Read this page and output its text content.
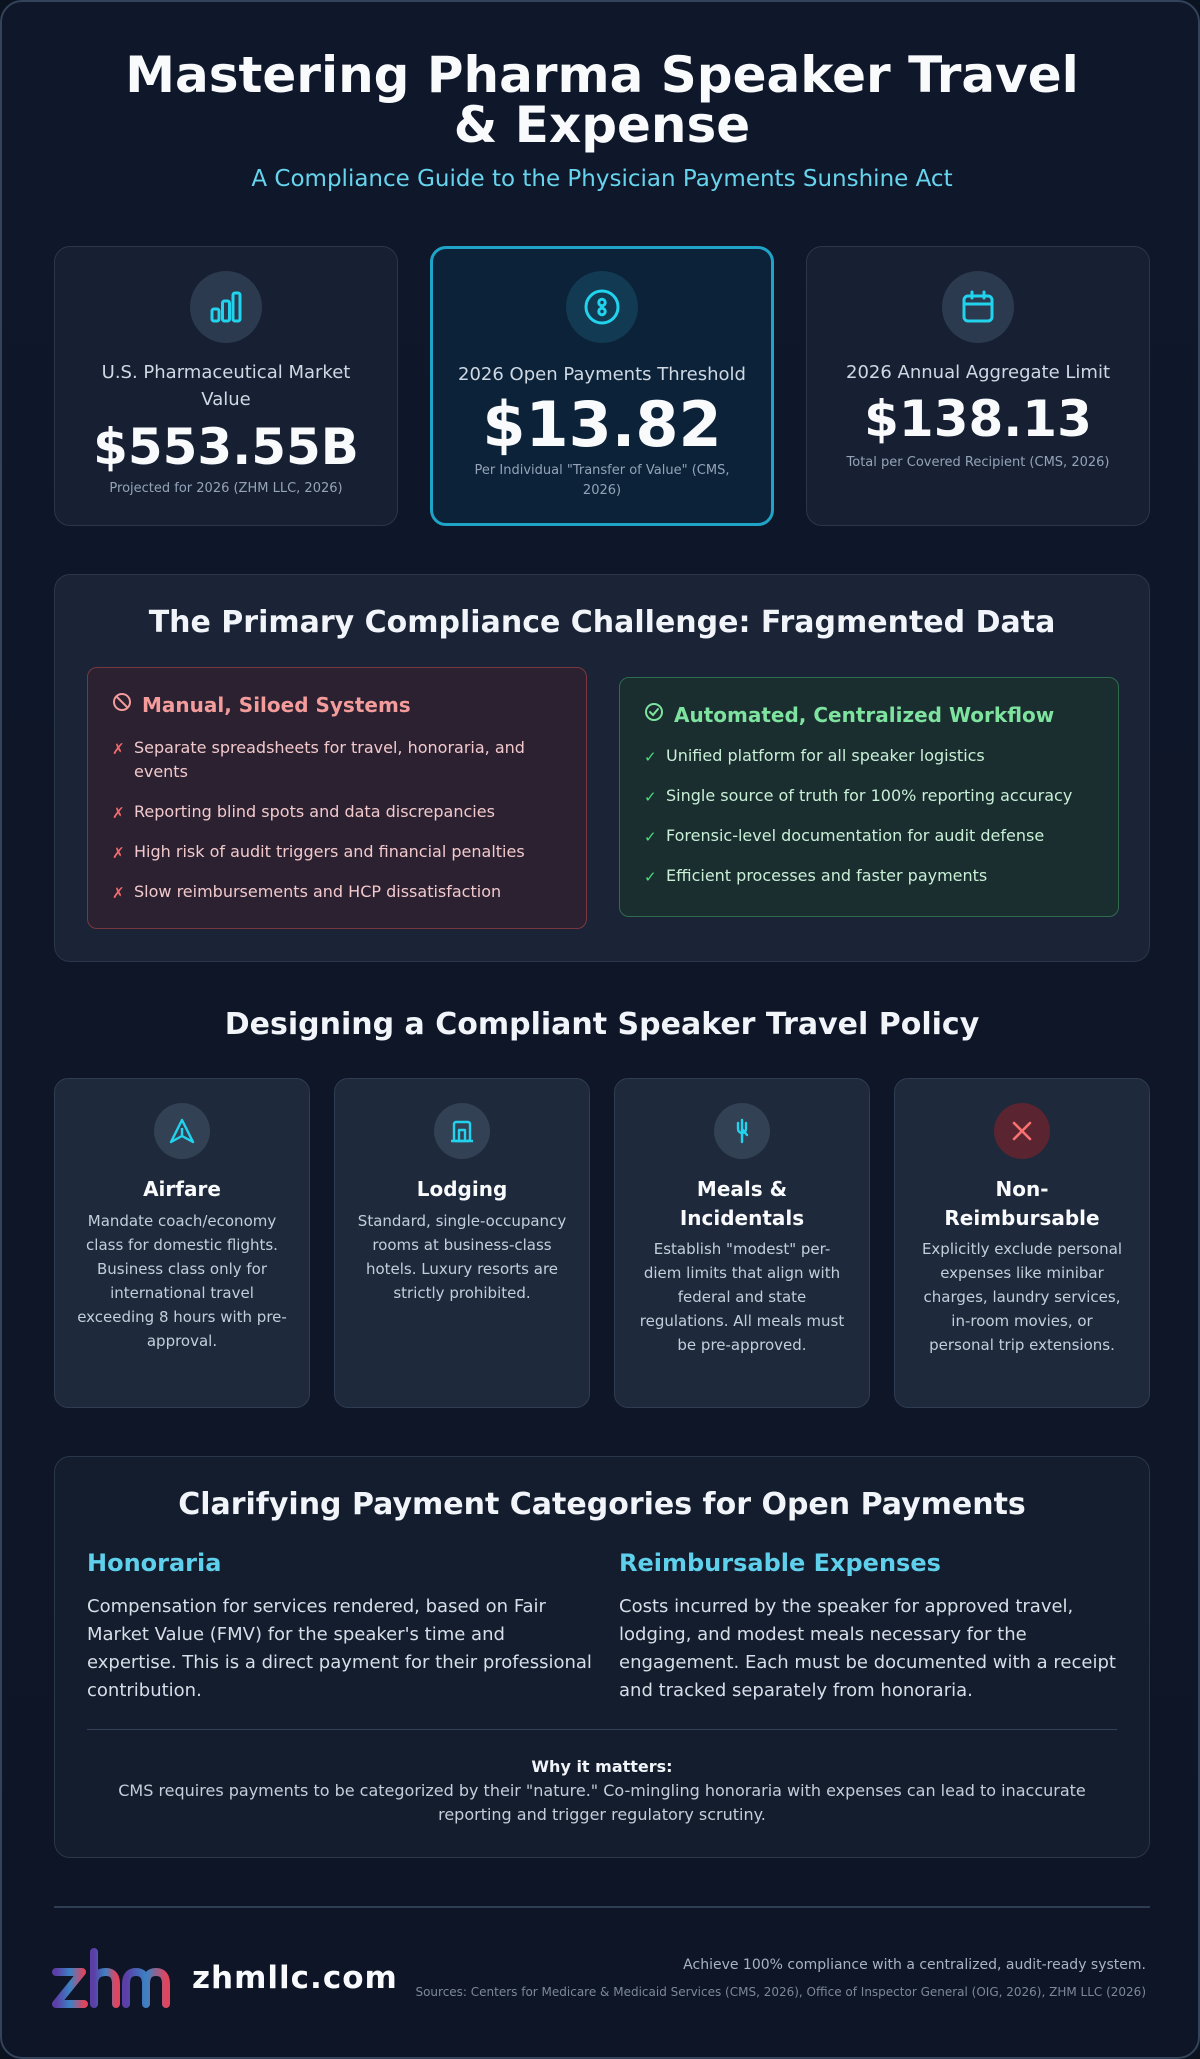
Mastering Pharma Speaker Travel & Expense
A Compliance Guide to the Physician Payments Sunshine Act
U.S. Pharmaceutical Market Value
$553.55B
Projected for 2026 (ZHM LLC, 2026)
2026 Open Payments Threshold
$13.82
Per Individual "Transfer of Value" (CMS, 2026)
2026 Annual Aggregate Limit
$138.13
Total per Covered Recipient (CMS, 2026)
The Primary Compliance Challenge: Fragmented Data
Manual, Siloed Systems
✗ Separate spreadsheets for travel, honoraria, and events
✗ Reporting blind spots and data discrepancies
✗ High risk of audit triggers and financial penalties
✗ Slow reimbursements and HCP dissatisfaction
Automated, Centralized Workflow
✓ Unified platform for all speaker logistics
✓ Single source of truth for 100% reporting accuracy
✓ Forensic-level documentation for audit defense
✓ Efficient processes and faster payments
Designing a Compliant Speaker Travel Policy
Airfare
Mandate coach/economy class for domestic flights. Business class only for international travel exceeding 8 hours with pre-approval.
Lodging
Standard, single-occupancy rooms at business-class hotels. Luxury resorts are strictly prohibited.
Meals & Incidentals
Establish "modest" per-diem limits that align with federal and state regulations. All meals must be pre-approved.
Non-Reimbursable
Explicitly exclude personal expenses like minibar charges, laundry services, in-room movies, or personal trip extensions.
Clarifying Payment Categories for Open Payments
Honoraria
Compensation for services rendered, based on Fair Market Value (FMV) for the speaker's time and expertise. This is a direct payment for their professional contribution.
Reimbursable Expenses
Costs incurred by the speaker for approved travel, lodging, and modest meals necessary for the engagement. Each must be documented with a receipt and tracked separately from honoraria.
Why it matters:
CMS requires payments to be categorized by their "nature." Co-mingling honoraria with expenses can lead to inaccurate reporting and trigger regulatory scrutiny.
zhmllc.com	Achieve 100% compliance with a centralized, audit-ready system.
Sources: Centers for Medicare & Medicaid Services (CMS, 2026), Office of Inspector General (OIG, 2026), ZHM LLC (2026)
